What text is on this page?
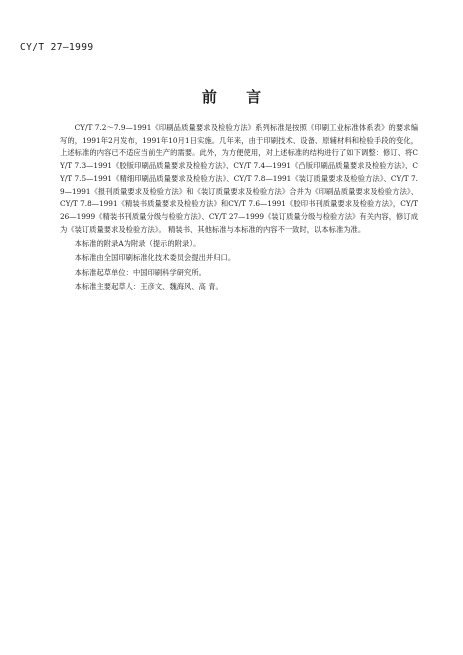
CY/T 27—1999
前 言

CY/T 7.2～7.9—1991《印刷品质量要求及检验方法》系列标准是按照《印刷工业标准体系表》的要求编写的，1991年2月发布，1991年10月1日实施。几年来，由于印刷技术、设备、原辅材料和检验手段的变化，上述标准的内容已不适应当前生产的需要。此外，为方便使用，对上述标准的结构进行了如下调整：修订、将CY/T 7.3—1991《胶版印刷品质量要求及检验方法》、CY/T 7.4—1991《凸版印刷品质量要求及检验方法》、CY/T 7.5—1991《精细印刷品质量要求及检验方法》、CY/T 7.8—1991《装订质量要求及检验方法》、CY/T 7.9—1991《报刊质量要求及检验方法》和《装订质量要求及检验方法》合并为《印刷品质量要求及检验方法》、CY/T 7.8—1991《精装书质量要求及检验方法》和CY/T 7.6—1991《胶印书刊质量要求及检验方法》，CY/T 26—1999《精装书刊质量分级与检验方法》、CY/T 27—1999《装订质量分级与检验方法》有关内容，修订成为《装订质量要求及检验方法》。 精装书、其他标准与本标准的内容不一致时，以本标准为准。

本标准的附录A为附录（提示的附录）。

本标准由全国印刷标准化技术委员会提出并归口。

本标准起草单位：中国印刷科学研究所。

本标准主要起草人：王彦文、魏海风、高 青。
